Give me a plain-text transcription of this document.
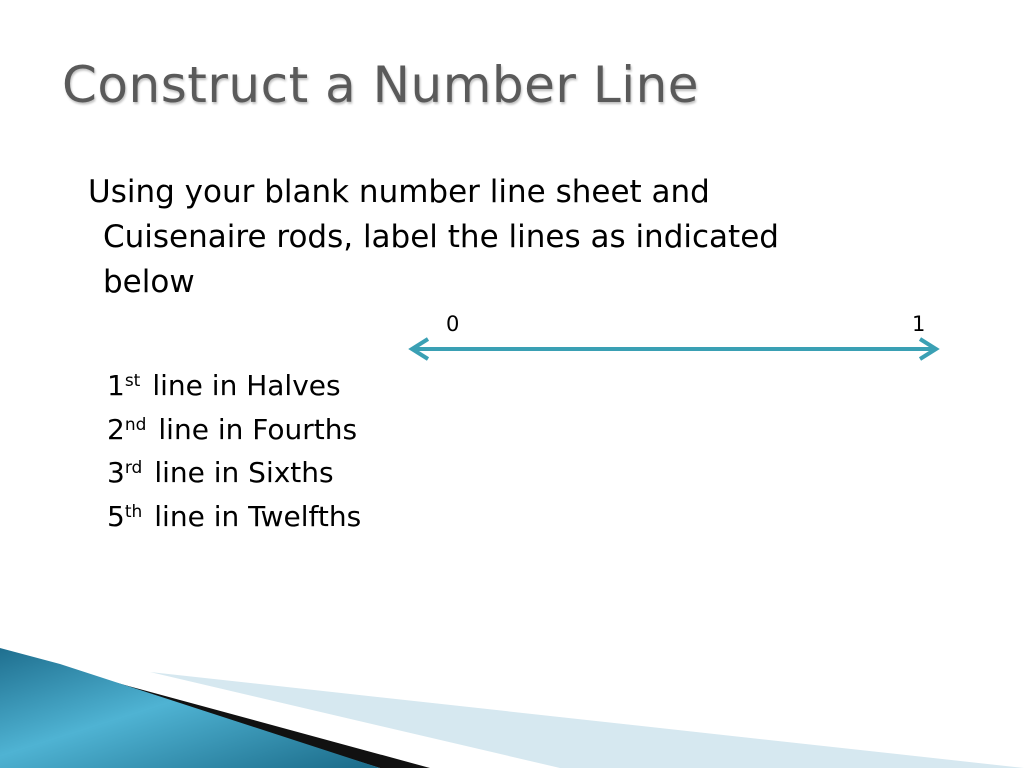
Construct a Number Line
Using your blank number line sheet and
Cuisenaire rods, label the lines as indicated
below
0	1
1st line in Halves
2nd line in Fourths
3rd line in Sixths
5th line in Twelfths
